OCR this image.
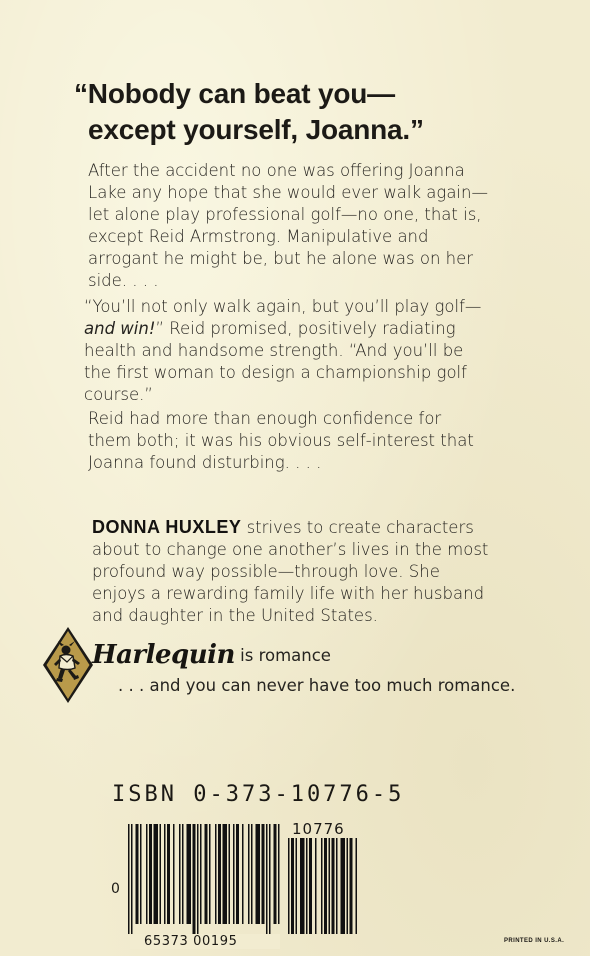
“Nobody can beat you—
except yourself, Joanna.”
After the accident no one was offering Joanna
Lake any hope that she would ever walk again—
let alone play professional golf—no one, that is,
except Reid Armstrong. Manipulative and
arrogant he might be, but he alone was on her
side. . . .
“You’ll not only walk again, but you’ll play golf—
and win!” Reid promised, positively radiating
health and handsome strength. “And you’ll be
the first woman to design a championship golf
course.”
Reid had more than enough confidence for
them both; it was his obvious self-interest that
Joanna found disturbing. . . .
DONNA HUXLEY strives to create characters
about to change one another’s lives in the most
profound way possible—through love. She
enjoys a rewarding family life with her husband
and daughter in the United States.
Harlequin is romance
. . . and you can never have too much romance.
ISBN 0-373-10776-5
10776
0
65373 00195	PRINTED IN U.S.A.
